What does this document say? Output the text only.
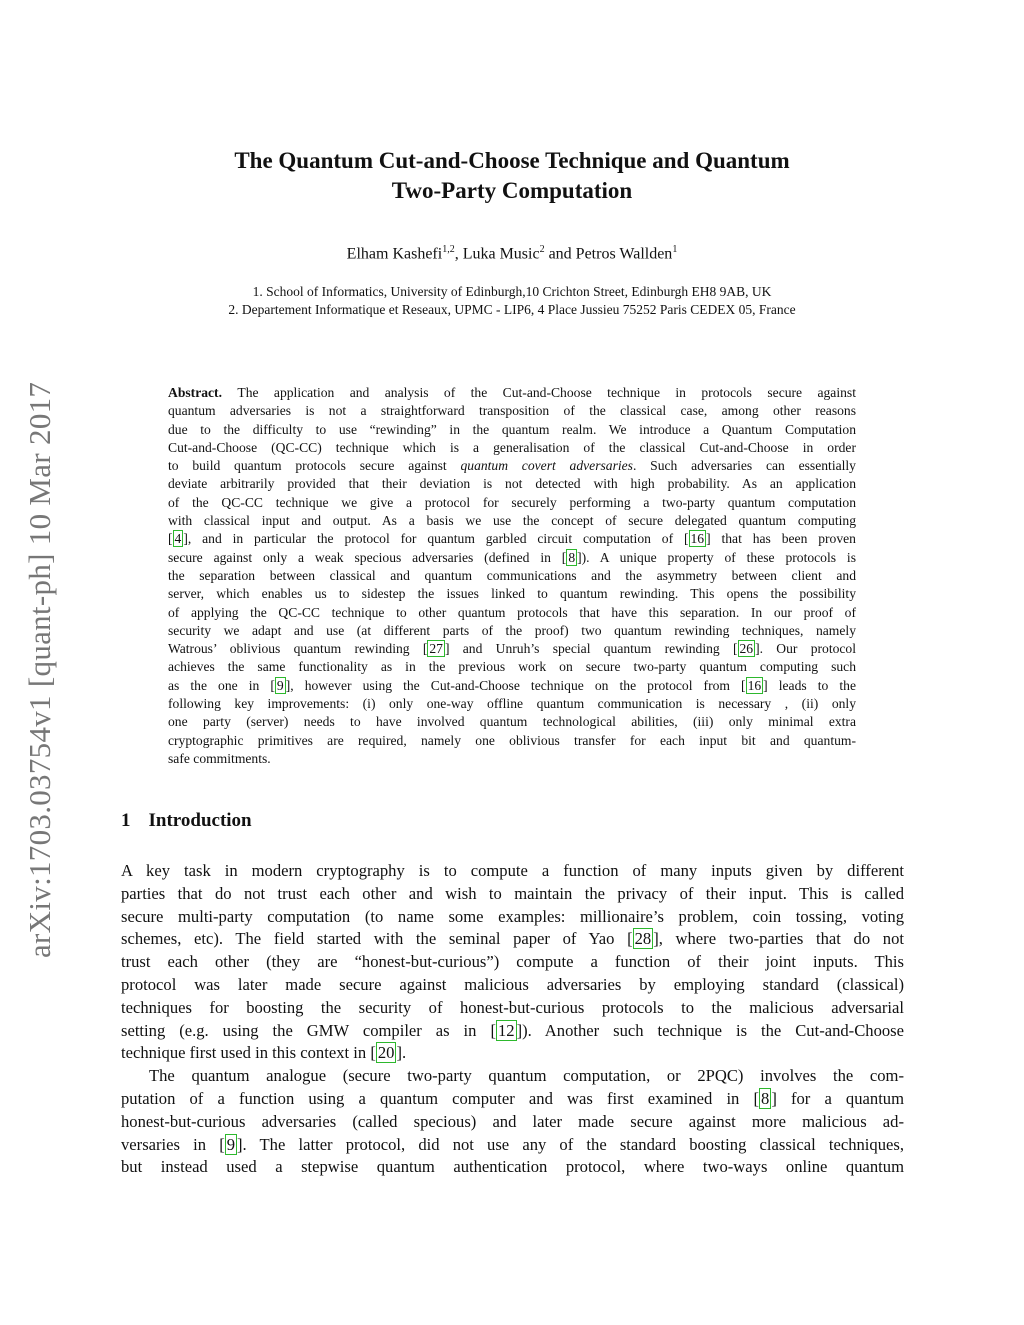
arXiv:1703.03754v1 [quant-ph] 10 Mar 2017
The Quantum Cut-and-Choose Technique and Quantum
Two-Party Computation
Elham Kashefi$^{1,2}$, Luka Music$^2$ and Petros Wallden$^1$
1. School of Informatics, University of Edinburgh,10 Crichton Street, Edinburgh EH8 9AB, UK
2. Departement Informatique et Reseaux, UPMC - LIP6, 4 Place Jussieu 75252 Paris CEDEX 05, France
Abstract. The application and analysis of the Cut-and-Choose technique in protocols secure against
quantum adversaries is not a straightforward transposition of the classical case, among other reasons
due to the difficulty to use “rewinding” in the quantum realm. We introduce a Quantum Computation
Cut-and-Choose (QC-CC) technique which is a generalisation of the classical Cut-and-Choose in order
to build quantum protocols secure against quantum covert adversaries. Such adversaries can essentially
deviate arbitrarily provided that their deviation is not detected with high probability. As an application
of the QC-CC technique we give a protocol for securely performing a two-party quantum computation
with classical input and output. As a basis we use the concept of secure delegated quantum computing
[ 4 ], and in particular the protocol for quantum garbled circuit computation of [ 16 ] that has been proven
secure against only a weak specious adversaries (defined in [ 8 ]). A unique property of these protocols is
the separation between classical and quantum communications and the asymmetry between client and
server, which enables us to sidestep the issues linked to quantum rewinding. This opens the possibility
of applying the QC-CC technique to other quantum protocols that have this separation. In our proof of
security we adapt and use (at different parts of the proof) two quantum rewinding techniques, namely
Watrous’ oblivious quantum rewinding [ 27 ] and Unruh’s special quantum rewinding [ 26 ]. Our protocol
achieves the same functionality as in the previous work on secure two-party quantum computing such
as the one in [ 9 ], however using the Cut-and-Choose technique on the protocol from [ 16 ] leads to the
following key improvements: (i) only one-way offline quantum communication is necessary , (ii) only
one party (server) needs to have involved quantum technological abilities, (iii) only minimal extra
cryptographic primitives are required, namely one oblivious transfer for each input bit and quantum-
safe commitments.
1 Introduction
A key task in modern cryptography is to compute a function of many inputs given by different
parties that do not trust each other and wish to maintain the privacy of their input. This is called
secure multi-party computation (to name some examples: millionaire’s problem, coin tossing, voting
schemes, etc). The field started with the seminal paper of Yao [ 28 ], where two-parties that do not
trust each other (they are “honest-but-curious”) compute a function of their joint inputs. This
protocol was later made secure against malicious adversaries by employing standard (classical)
techniques for boosting the security of honest-but-curious protocols to the malicious adversarial
setting (e.g. using the GMW compiler as in [ 12 ]). Another such technique is the Cut-and-Choose
technique first used in this context in [ 20 ].
The quantum analogue (secure two-party quantum computation, or 2PQC) involves the com-
putation of a function using a quantum computer and was first examined in [ 8 ] for a quantum
honest-but-curious adversaries (called specious) and later made secure against more malicious ad-
versaries in [ 9 ]. The latter protocol, did not use any of the standard boosting classical techniques,
but instead used a stepwise quantum authentication protocol, where two-ways online quantum
